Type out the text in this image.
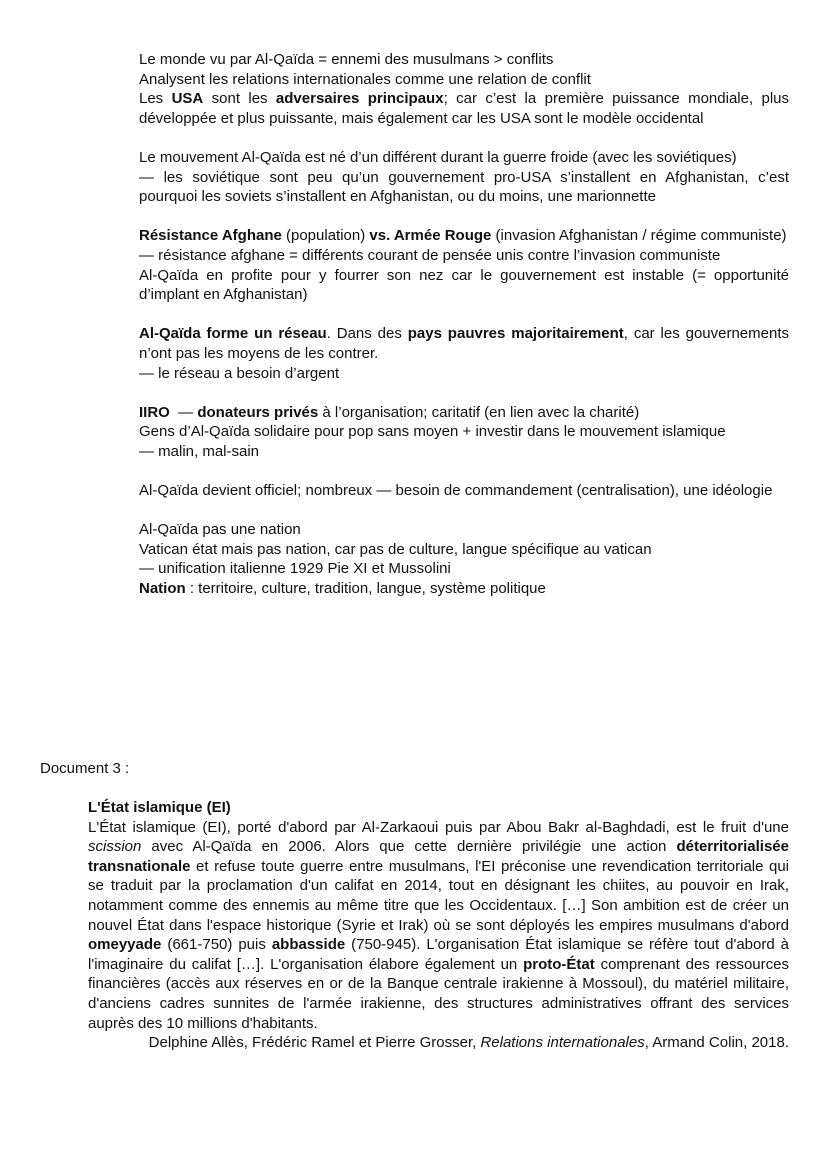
Le monde vu par Al-Qaïda = ennemi des musulmans > conflits

Analysent les relations internationales comme une relation de conflit

Les USA sont les adversaires principaux; car c’est la première puissance mondiale, plus développée et plus puissante, mais également car les USA sont le modèle occidental

Le mouvement Al-Qaïda est né d’un différent durant la guerre froide (avec les soviétiques)

— les soviétique sont peu qu’un gouvernement pro-USA s’installent en Afghanistan, c’est pourquoi les soviets s’installent en Afghanistan, ou du moins, une marionnette

Résistance Afghane (population) vs. Armée Rouge (invasion Afghanistan / régime communiste)

— résistance afghane = différents courant de pensée unis contre l’invasion communiste

Al-Qaïda en profite pour y fourrer son nez car le gouvernement est instable (= opportunité d’implant en Afghanistan)

Al-Qaïda forme un réseau. Dans des pays pauvres majoritairement, car les gouvernements n’ont pas les moyens de les contrer.

— le réseau a besoin d’argent

IIRO  — donateurs privés à l’organisation; caritatif (en lien avec la charité)

Gens d’Al-Qaïda solidaire pour pop sans moyen + investir dans le mouvement islamique

— malin, mal-sain

Al-Qaïda devient officiel; nombreux — besoin de commandement (centralisation), une idéologie

Al-Qaïda pas une nation

Vatican état mais pas nation, car pas de culture, langue spécifique au vatican

— unification italienne 1929 Pie XI et Mussolini

Nation : territoire, culture, tradition, langue, système politique

Document 3 :

L'État islamique (EI)

L'État islamique (EI), porté d'abord par Al-Zarkaoui puis par Abou Bakr al-Baghdadi, est le fruit d'une scission avec Al-Qaïda en 2006. Alors que cette dernière privilégie une action déterritorialisée transnationale et refuse toute guerre entre musulmans, l'EI préconise une revendication territoriale qui se traduit par la proclamation d'un califat en 2014, tout en désignant les chiites, au pouvoir en Irak, notamment comme des ennemis au même titre que les Occidentaux. […] Son ambition est de créer un nouvel État dans l'espace historique (Syrie et Irak) où se sont déployés les empires musulmans d'abord omeyyade (661-750) puis abbasside (750-945). L'organisation État islamique se réfère tout d'abord à l'imaginaire du califat […]. L'organisation élabore également un proto-État comprenant des ressources financières (accès aux réserves en or de la Banque centrale irakienne à Mossoul), du matériel militaire, d'anciens cadres sunnites de l'armée irakienne, des structures administratives offrant des services auprès des 10 millions d'habitants.

Delphine Allès, Frédéric Ramel et Pierre Grosser, Relations internationales, Armand Colin, 2018.
